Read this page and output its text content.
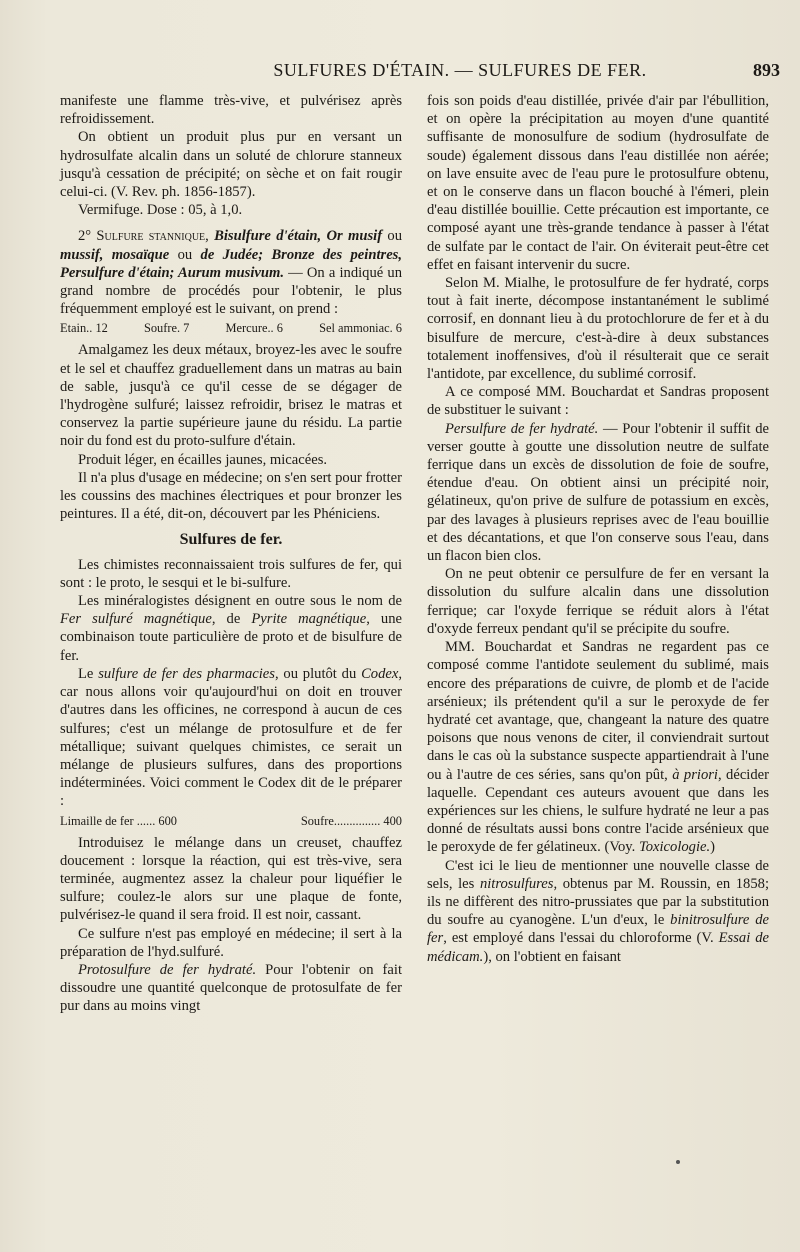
SULFURES D'ÉTAIN. — SULFURES DE FER.	893

manifeste une flamme très-vive, et pulvérisez après refroidissement.

On obtient un produit plus pur en versant un hydrosulfate alcalin dans un soluté de chlorure stanneux jusqu'à cessation de précipité; on sèche et on fait rougir celui-ci. (V. Rev. ph. 1856-1857).

Vermifuge. Dose : 05, à 1,0.

2° Sulfure stannique, Bisulfure d'étain, Or musif ou mussif, mosaïque ou de Judée; Bronze des peintres, Persulfure d'étain; Aurum musivum. — On a indiqué un grand nombre de procédés pour l'obtenir, le plus fréquemment employé est le suivant, on prend :

Etain.. 12	Soufre. 7	Mercure.. 6	Sel ammoniac. 6

Amalgamez les deux métaux, broyez-les avec le soufre et le sel et chauffez graduellement dans un matras au bain de sable, jusqu'à ce qu'il cesse de se dégager de l'hydrogène sulfuré; laissez refroidir, brisez le matras et conservez la partie supérieure jaune du résidu. La partie noir du fond est du proto-sulfure d'étain.

Produit léger, en écailles jaunes, micacées.

Il n'a plus d'usage en médecine; on s'en sert pour frotter les coussins des machines électriques et pour bronzer les peintures. Il a été, dit-on, découvert par les Phéniciens.

Sulfures de fer.

Les chimistes reconnaissaient trois sulfures de fer, qui sont : le proto, le sesqui et le bi-sulfure.

Les minéralogistes désignent en outre sous le nom de Fer sulfuré magnétique, de Pyrite magnétique, une combinaison toute particulière de proto et de bisulfure de fer.

Le sulfure de fer des pharmacies, ou plutôt du Codex, car nous allons voir qu'aujourd'hui on doit en trouver d'autres dans les officines, ne correspond à aucun de ces sulfures; c'est un mélange de protosulfure et de fer métallique; suivant quelques chimistes, ce serait un mélange de plusieurs sulfures, dans des proportions indéterminées. Voici comment le Codex dit de le préparer :

Limaille de fer ...... 600	Soufre............... 400

Introduisez le mélange dans un creuset, chauffez doucement : lorsque la réaction, qui est très-vive, sera terminée, augmentez assez la chaleur pour liquéfier le sulfure; coulez-le alors sur une plaque de fonte, pulvérisez-le quand il sera froid. Il est noir, cassant.

Ce sulfure n'est pas employé en médecine; il sert à la préparation de l'hyd.sulfuré.

Protosulfure de fer hydraté. Pour l'obtenir on fait dissoudre une quantité quelconque de protosulfate de fer pur dans au moins vingt

fois son poids d'eau distillée, privée d'air par l'ébullition, et on opère la précipitation au moyen d'une quantité suffisante de monosulfure de sodium (hydrosulfate de soude) également dissous dans l'eau distillée non aérée; on lave ensuite avec de l'eau pure le protosulfure obtenu, et on le conserve dans un flacon bouché à l'émeri, plein d'eau distillée bouillie. Cette précaution est importante, ce composé ayant une très-grande tendance à passer à l'état de sulfate par le contact de l'air. On éviterait peut-être cet effet en faisant intervenir du sucre.

Selon M. Mialhe, le protosulfure de fer hydraté, corps tout à fait inerte, décompose instantanément le sublimé corrosif, en donnant lieu à du protochlorure de fer et à du bisulfure de mercure, c'est-à-dire à deux substances totalement inoffensives, d'où il résulterait que ce serait l'antidote, par excellence, du sublimé corrosif.

A ce composé MM. Bouchardat et Sandras proposent de substituer le suivant :

Persulfure de fer hydraté. — Pour l'obtenir il suffit de verser goutte à goutte une dissolution neutre de sulfate ferrique dans un excès de dissolution de foie de soufre, étendue d'eau. On obtient ainsi un précipité noir, gélatineux, qu'on prive de sulfure de potassium en excès, par des lavages à plusieurs reprises avec de l'eau bouillie et des décantations, et que l'on conserve sous l'eau, dans un flacon bien clos.

On ne peut obtenir ce persulfure de fer en versant la dissolution du sulfure alcalin dans une dissolution ferrique; car l'oxyde ferrique se réduit alors à l'état d'oxyde ferreux pendant qu'il se précipite du soufre.

MM. Bouchardat et Sandras ne regardent pas ce composé comme l'antidote seulement du sublimé, mais encore des préparations de cuivre, de plomb et de l'acide arsénieux; ils prétendent qu'il a sur le peroxyde de fer hydraté cet avantage, que, changeant la nature des quatre poisons que nous venons de citer, il conviendrait surtout dans le cas où la substance suspecte appartiendrait à l'une ou à l'autre de ces séries, sans qu'on pût, à priori, décider laquelle. Cependant ces auteurs avouent que dans les expériences sur les chiens, le sulfure hydraté ne leur a pas donné de résultats aussi bons contre l'acide arsénieux que le peroxyde de fer gélatineux. (Voy. Toxicologie.)

C'est ici le lieu de mentionner une nouvelle classe de sels, les nitrosulfures, obtenus par M. Roussin, en 1858; ils ne diffèrent des nitro-prussiates que par la substitution du soufre au cyanogène. L'un d'eux, le binitrosulfure de fer, est employé dans l'essai du chloroforme (V. Essai de médicam.), on l'obtient en faisant
